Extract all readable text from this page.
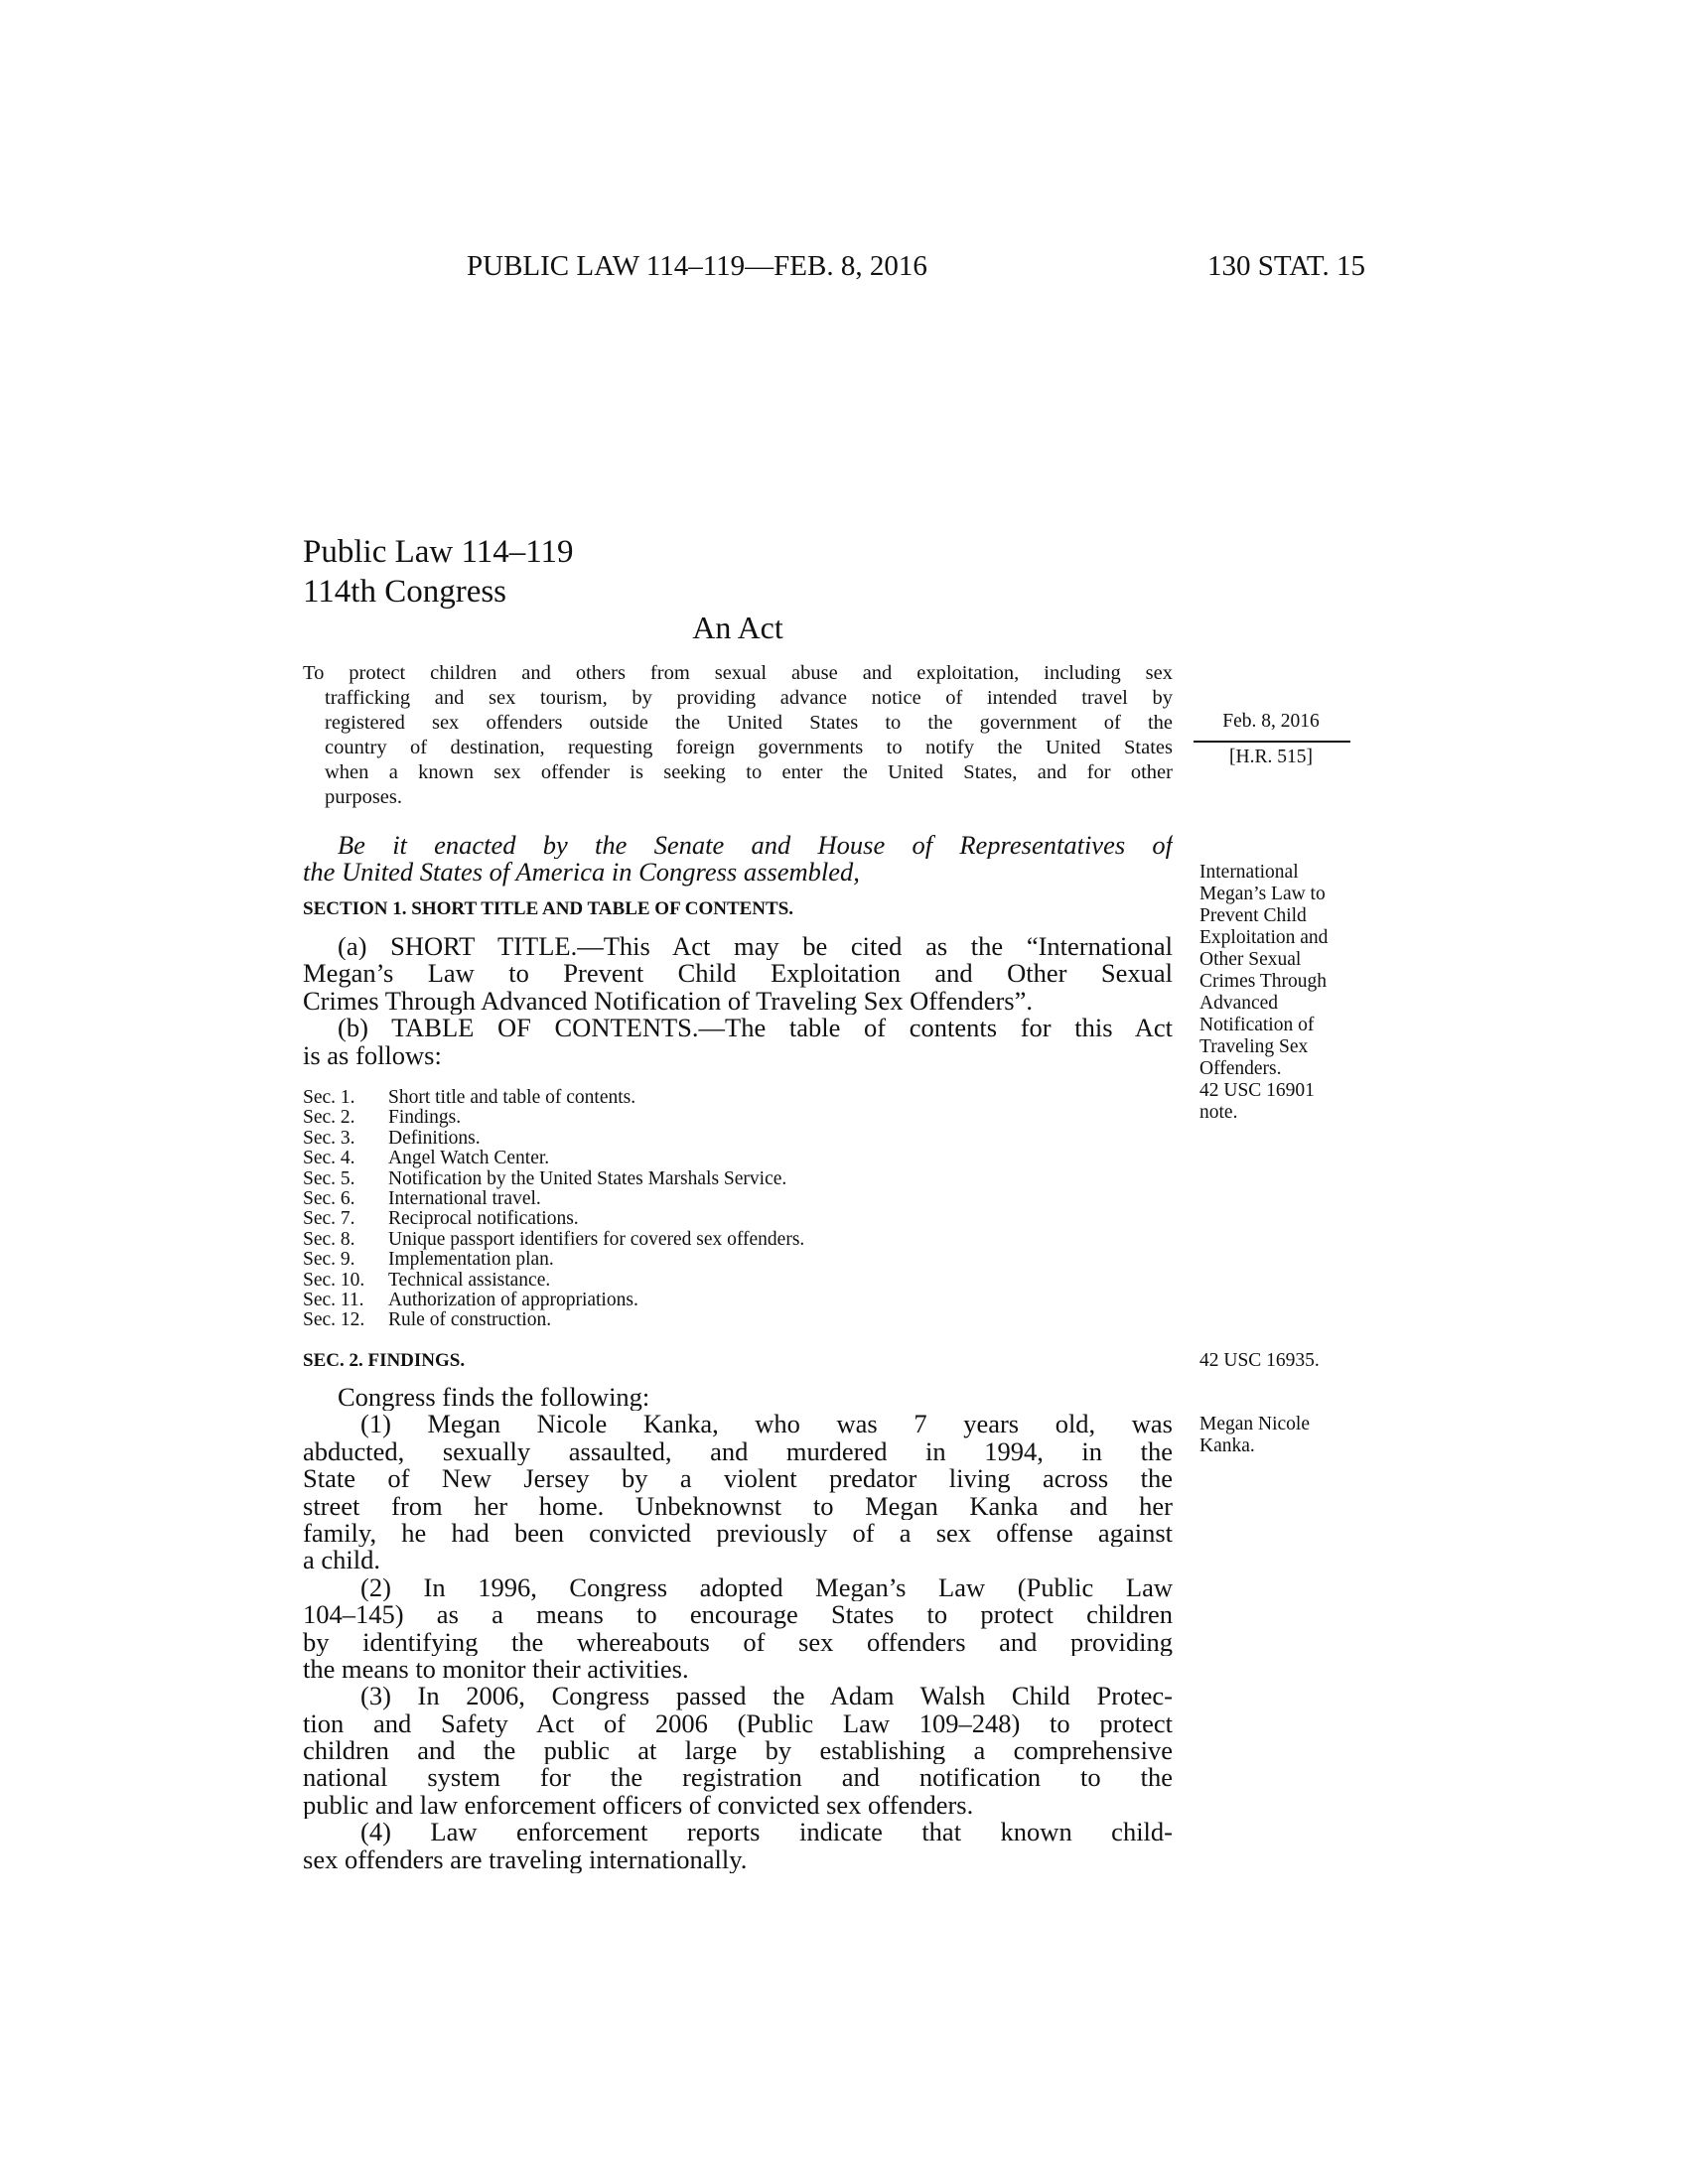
PUBLIC LAW 114–119—FEB. 8, 2016	130 STAT. 15
Public Law 114–119
114th Congress
An Act
To protect children and others from sexual abuse and exploitation, including sex
trafficking and sex tourism, by providing advance notice of intended travel by
registered sex offenders outside the United States to the government of the
country of destination, requesting foreign governments to notify the United States
when a known sex offender is seeking to enter the United States, and for other
purposes.
Feb. 8, 2016
[H.R. 515]
Be it enacted by the Senate and House of Representatives of
the United States of America in Congress assembled,
SECTION 1. SHORT TITLE AND TABLE OF CONTENTS.
(a) SHORT TITLE.—This Act may be cited as the “International
Megan’s Law to Prevent Child Exploitation and Other Sexual
Crimes Through Advanced Notification of Traveling Sex Offenders”.
(b) TABLE OF CONTENTS.—The table of contents for this Act
is as follows:
Sec. 1. Short title and table of contents.
Sec. 2. Findings.
Sec. 3. Definitions.
Sec. 4. Angel Watch Center.
Sec. 5. Notification by the United States Marshals Service.
Sec. 6. International travel.
Sec. 7. Reciprocal notifications.
Sec. 8. Unique passport identifiers for covered sex offenders.
Sec. 9. Implementation plan.
Sec. 10. Technical assistance.
Sec. 11. Authorization of appropriations.
Sec. 12. Rule of construction.
International
Megan’s Law to
Prevent Child
Exploitation and
Other Sexual
Crimes Through
Advanced
Notification of
Traveling Sex
Offenders.
42 USC 16901
note.
SEC. 2. FINDINGS.	42 USC 16935.
Congress finds the following:
(1) Megan Nicole Kanka, who was 7 years old, was
abducted, sexually assaulted, and murdered in 1994, in the
State of New Jersey by a violent predator living across the
street from her home. Unbeknownst to Megan Kanka and her
family, he had been convicted previously of a sex offense against
a child.
(2) In 1996, Congress adopted Megan’s Law (Public Law
104–145) as a means to encourage States to protect children
by identifying the whereabouts of sex offenders and providing
the means to monitor their activities.
(3) In 2006, Congress passed the Adam Walsh Child Protec-
tion and Safety Act of 2006 (Public Law 109–248) to protect
children and the public at large by establishing a comprehensive
national system for the registration and notification to the
public and law enforcement officers of convicted sex offenders.
(4) Law enforcement reports indicate that known child-
sex offenders are traveling internationally.
Megan Nicole
Kanka.
